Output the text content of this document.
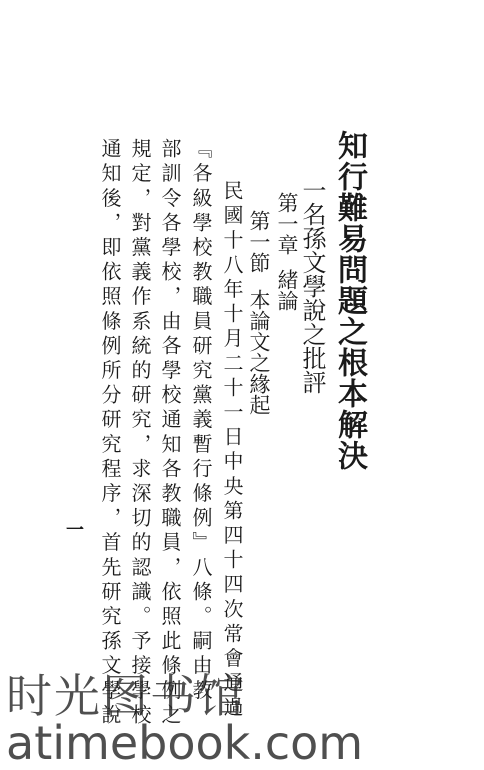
知行難易問題之根本解決
一名孫文學說之批評
第一章緒論
第一節本論文之緣起
民國十八年十月二十一日中央第四十四次常會通過
『各級學校教職員研究黨義暫行條例』八條。嗣由教
部訓令各學校，由各學校通知各教職員，依照此條例之
規定，對黨義作系統的研究，求深切的認識。予接學校
通知後，即依照條例所分研究程序，首先研究孫文學說
一
时光图书馆
atimebook.com
